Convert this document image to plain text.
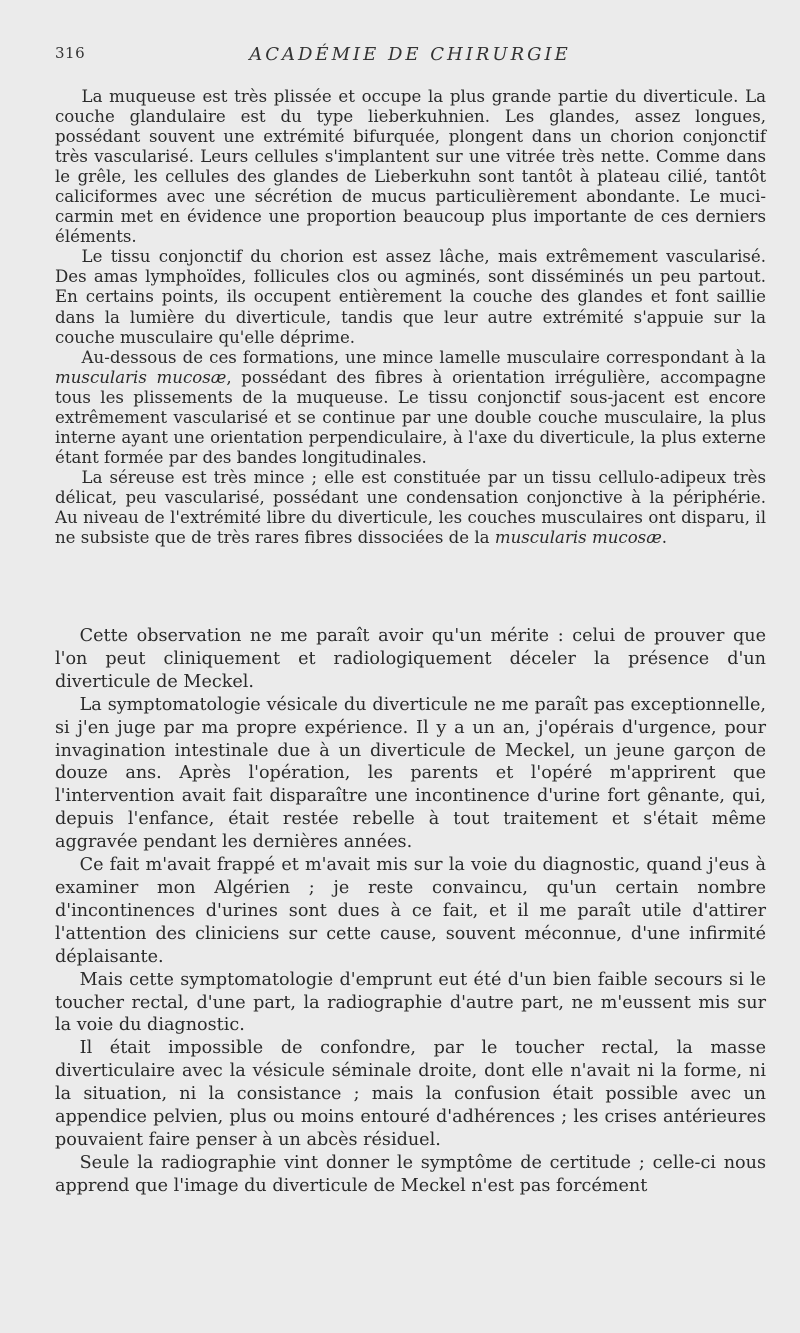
316	ACADÉMIE DE CHIRURGIE

La muqueuse est très plissée et occupe la plus grande partie du diverticule. La couche glandulaire est du type lieberkuhnien. Les glandes, assez longues, possédant souvent une extrémité bifurquée, plongent dans un chorion conjonctif très vascularisé. Leurs cellules s'implantent sur une vitrée très nette. Comme dans le grêle, les cellules des glandes de Lieberkuhn sont tantôt à plateau cilié, tantôt caliciformes avec une sécrétion de mucus particulièrement abondante. Le muci-carmin met en évidence une proportion beaucoup plus importante de ces derniers éléments.

Le tissu conjonctif du chorion est assez lâche, mais extrêmement vascularisé. Des amas lymphoïdes, follicules clos ou agminés, sont disséminés un peu partout. En certains points, ils occupent entièrement la couche des glandes et font saillie dans la lumière du diverticule, tandis que leur autre extrémité s'appuie sur la couche musculaire qu'elle déprime.

Au-dessous de ces formations, une mince lamelle musculaire correspondant à la muscularis mucosæ, possédant des fibres à orientation irrégulière, accompagne tous les plissements de la muqueuse. Le tissu conjonctif sous-jacent est encore extrêmement vascularisé et se continue par une double couche musculaire, la plus interne ayant une orientation perpendiculaire, à l'axe du diverticule, la plus externe étant formée par des bandes longitudinales.

La séreuse est très mince ; elle est constituée par un tissu cellulo-adipeux très délicat, peu vascularisé, possédant une condensation conjonctive à la périphérie. Au niveau de l'extrémité libre du diverticule, les couches musculaires ont disparu, il ne subsiste que de très rares fibres dissociées de la muscularis mucosæ.

Cette observation ne me paraît avoir qu'un mérite : celui de prouver que l'on peut cliniquement et radiologiquement déceler la présence d'un diverticule de Meckel.

La symptomatologie vésicale du diverticule ne me paraît pas exceptionnelle, si j'en juge par ma propre expérience. Il y a un an, j'opérais d'urgence, pour invagination intestinale due à un diverticule de Meckel, un jeune garçon de douze ans. Après l'opération, les parents et l'opéré m'apprirent que l'intervention avait fait disparaître une incontinence d'urine fort gênante, qui, depuis l'enfance, était restée rebelle à tout traitement et s'était même aggravée pendant les dernières années.

Ce fait m'avait frappé et m'avait mis sur la voie du diagnostic, quand j'eus à examiner mon Algérien ; je reste convaincu, qu'un certain nombre d'incontinences d'urines sont dues à ce fait, et il me paraît utile d'attirer l'attention des cliniciens sur cette cause, souvent méconnue, d'une infirmité déplaisante.

Mais cette symptomatologie d'emprunt eut été d'un bien faible secours si le toucher rectal, d'une part, la radiographie d'autre part, ne m'eussent mis sur la voie du diagnostic.

Il était impossible de confondre, par le toucher rectal, la masse diverticulaire avec la vésicule séminale droite, dont elle n'avait ni la forme, ni la situation, ni la consistance ; mais la confusion était possible avec un appendice pelvien, plus ou moins entouré d'adhérences ; les crises antérieures pouvaient faire penser à un abcès résiduel.

Seule la radiographie vint donner le symptôme de certitude ; celle-ci nous apprend que l'image du diverticule de Meckel n'est pas forcément
